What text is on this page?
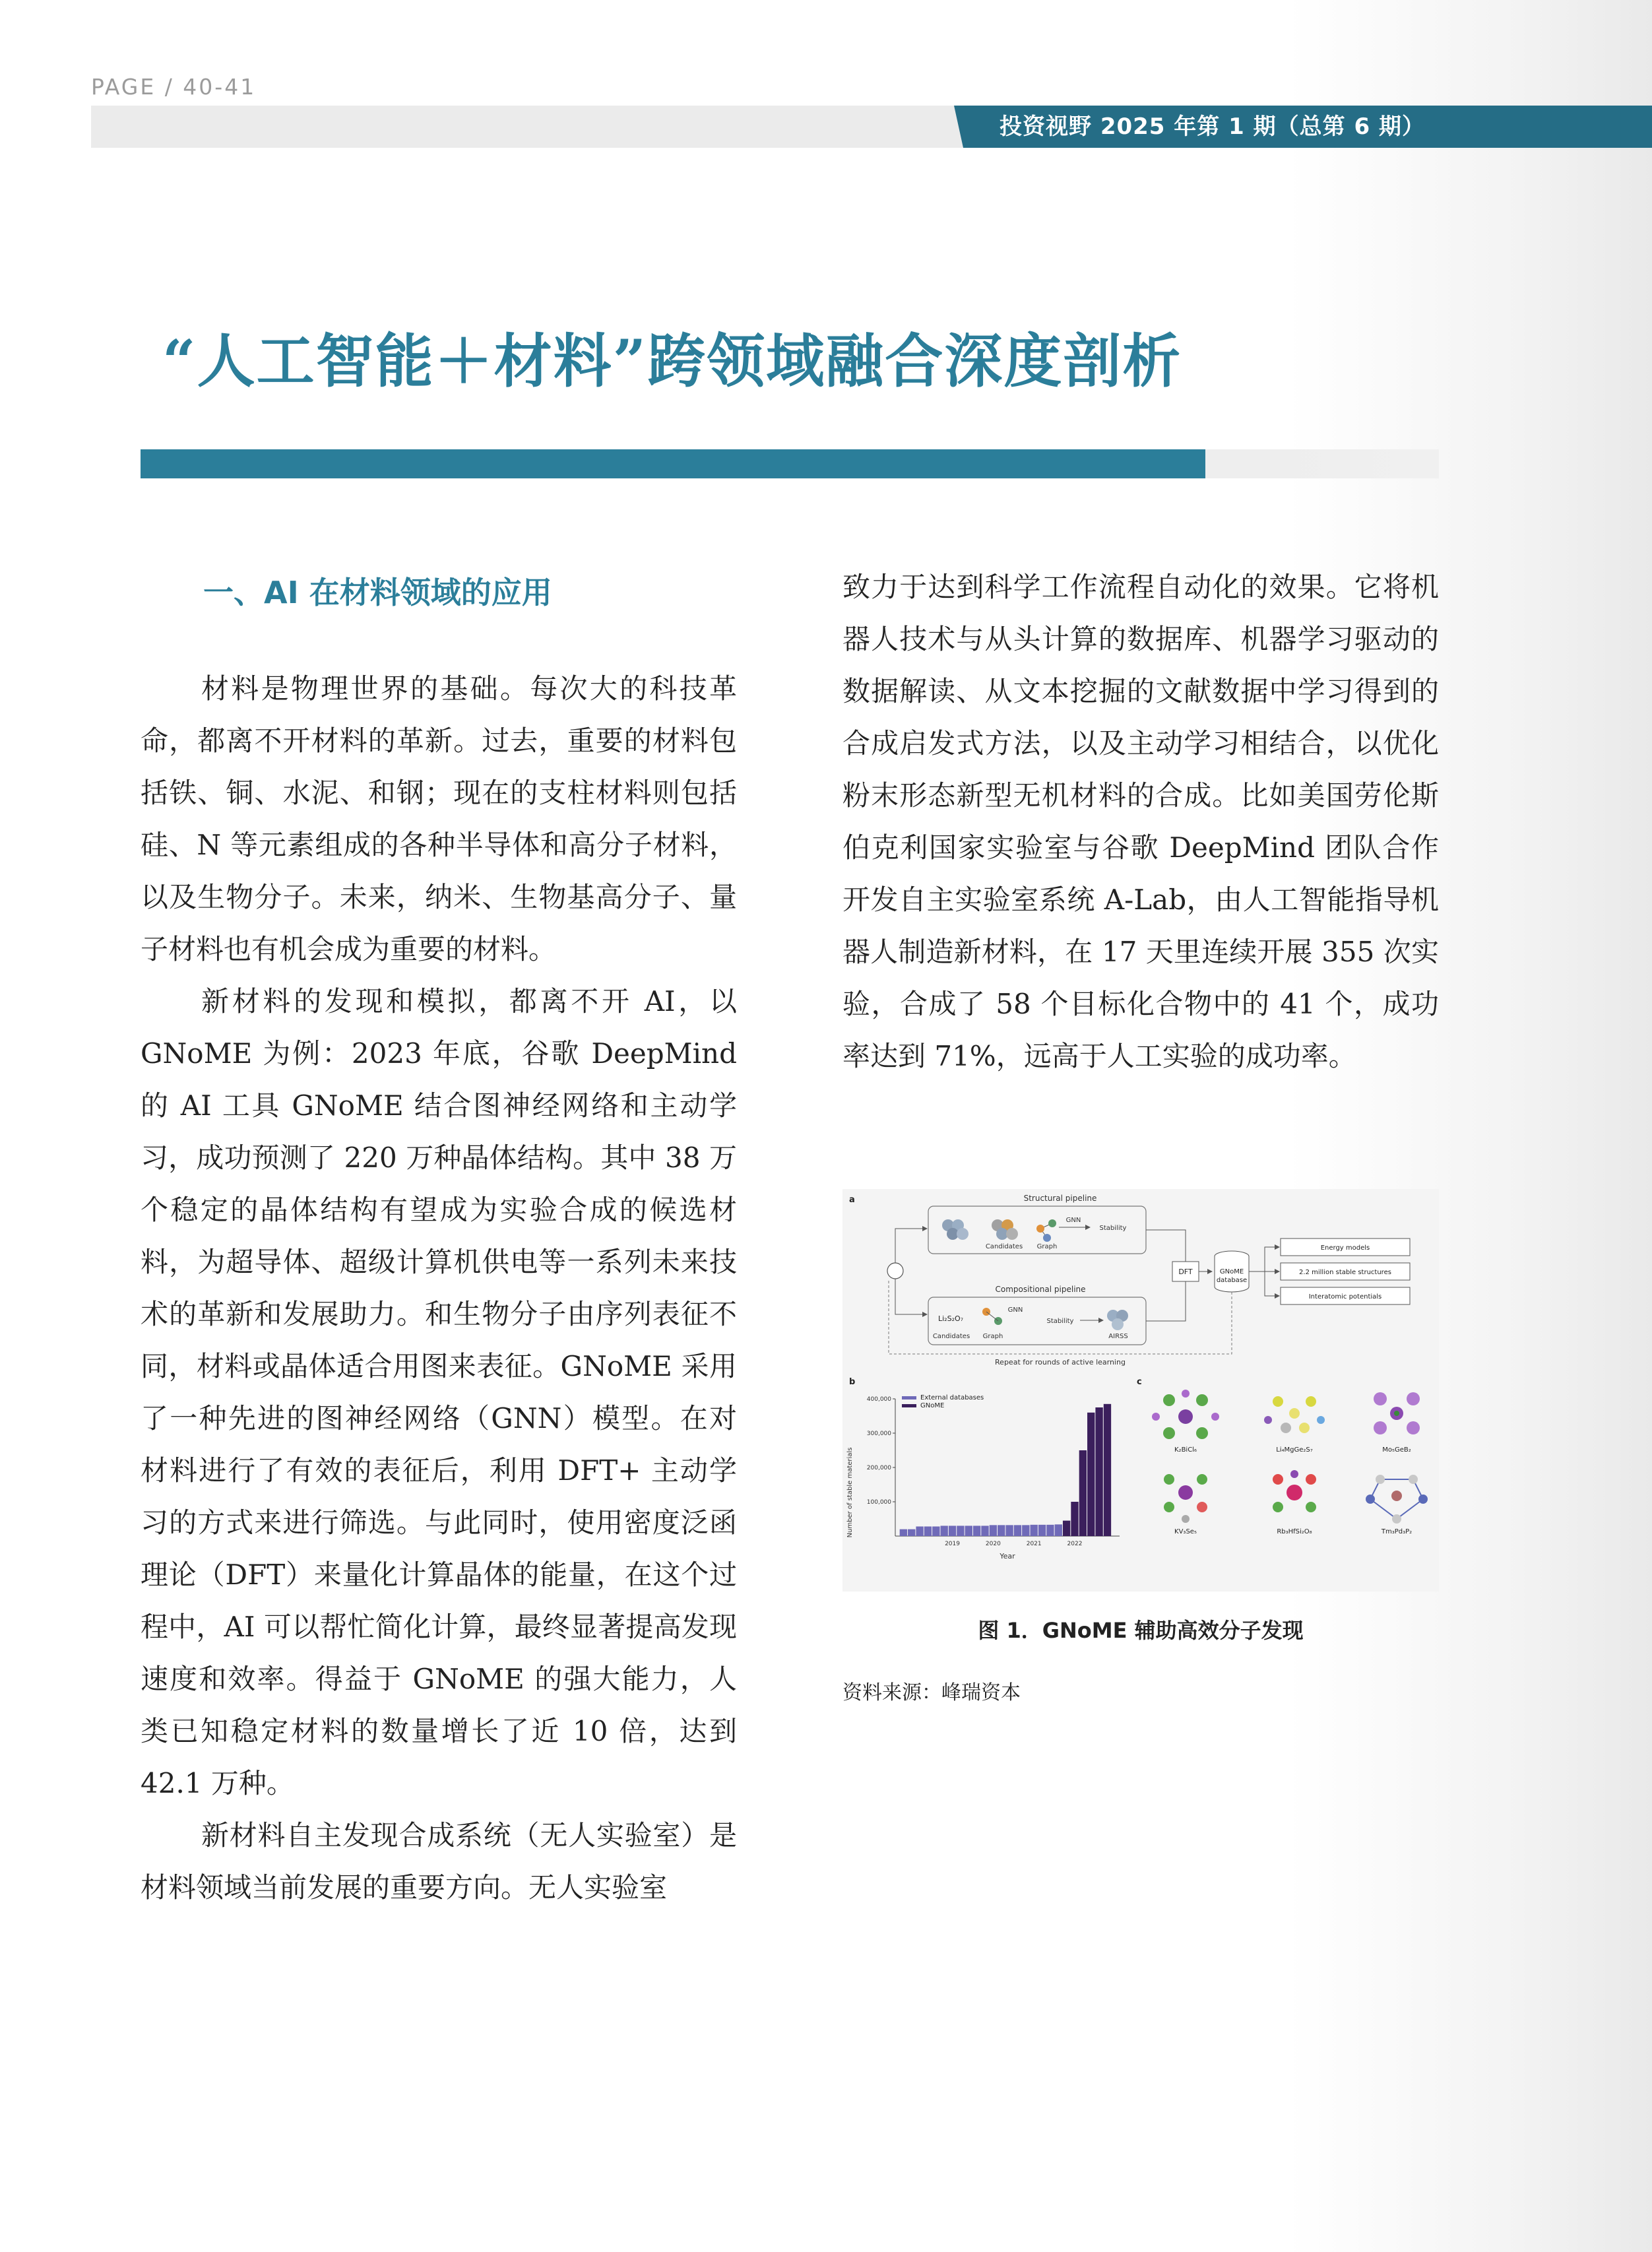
PAGE / 40-41
投资视野 2025 年第 1 期（总第 6 期）
“人工智能＋材料”跨领域融合深度剖析
一、AI 在材料领域的应用

材料是物理世界的基础。每次大的科技革命，都离不开材料的革新。过去，重要的材料包括铁、铜、水泥、和钢；现在的支柱材料则包括硅、N 等元素组成的各种半导体和高分子材料，以及生物分子。未来，纳米、生物基高分子、量子材料也有机会成为重要的材料。

新材料的发现和模拟，都离不开 AI，以 GNoME 为例：2023 年底，谷歌 DeepMind 的 AI 工具 GNoME 结合图神经网络和主动学习，成功预测了 220 万种晶体结构。其中 38 万个稳定的晶体结构有望成为实验合成的候选材料，为超导体、超级计算机供电等一系列未来技术的革新和发展助力。和生物分子由序列表征不同，材料或晶体适合用图来表征。GNoME 采用了一种先进的图神经网络（GNN）模型。在对材料进行了有效的表征后，利用 DFT+ 主动学习的方式来进行筛选。与此同时，使用密度泛函理论（DFT）来量化计算晶体的能量，在这个过程中，AI 可以帮忙简化计算，最终显著提高发现速度和效率。得益于 GNoME 的强大能力，人类已知稳定材料的数量增长了近 10 倍，达到 42.1 万种。

新材料自主发现合成系统（无人实验室）是材料领域当前发展的重要方向。无人实验室

致力于达到科学工作流程自动化的效果。它将机器人技术与从头计算的数据库、机器学习驱动的数据解读、从文本挖掘的文献数据中学习得到的合成启发式方法，以及主动学习相结合，以优化粉末形态新型无机材料的合成。比如美国劳伦斯伯克利国家实验室与谷歌 DeepMind 团队合作开发自主实验室系统 A-Lab，由人工智能指导机器人制造新材料，在 17 天里连续开展 355 次实验，合成了 58 个目标化合物中的 41 个，成功率达到 71%，远高于人工实验的成功率。

a	Structural pipeline
Candidates Graph
GNN
Stability
Compositional pipeline
Li₂S₂O₇
Candidates Graph
GNN
Stability
AIRSS
DFT	GNoME
database
Energy models
2.2 million stable structures
Interatomic potentials
Repeat for rounds of active learning
b
Number of stable materials
External databases
GNoME
100,000
200,000
300,000
400,000
2019	2020	2021	2022
Year
c
K₂BiCl₆	Li₄MgGe₂S₇	Mo₅GeB₂
KV₃Se₅	Rb₃HfSi₂O₈	Tm₃Pd₃P₂
图 1．GNoME 辅助高效分子发现
资料来源：峰瑞资本
